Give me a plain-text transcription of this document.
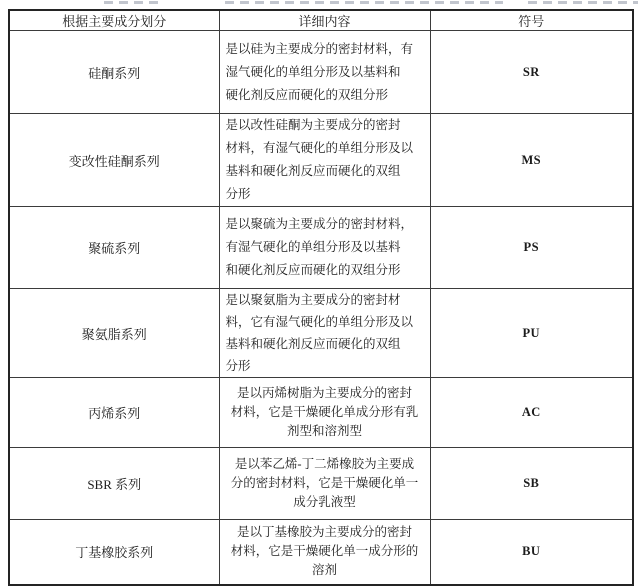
根据主要成分划分	详细内容	符号
硅酮系列	是以硅为主要成分的密封材料，有
湿气硬化的单组分形及以基料和
硬化剂反应而硬化的双组分形	SR
变改性硅酮系列	是以改性硅酮为主要成分的密封
材料，有湿气硬化的单组分形及以
基料和硬化剂反应而硬化的双组
分形	MS
聚硫系列	是以聚硫为主要成分的密封材料，
有湿气硬化的单组分形及以基料
和硬化剂反应而硬化的双组分形	PS
聚氨脂系列	是以聚氨脂为主要成分的密封材
料，它有湿气硬化的单组分形及以
基料和硬化剂反应而硬化的双组
分形	PU
丙烯系列	是以丙烯树脂为主要成分的密封
材料，它是干燥硬化单成分形有乳
剂型和溶剂型	AC
SBR 系列	是以苯乙烯-丁二烯橡胶为主要成
分的密封材料，它是干燥硬化单一
成分乳液型	SB
丁基橡胶系列	是以丁基橡胶为主要成分的密封
材料，它是干燥硬化单一成分形的
溶剂	BU
